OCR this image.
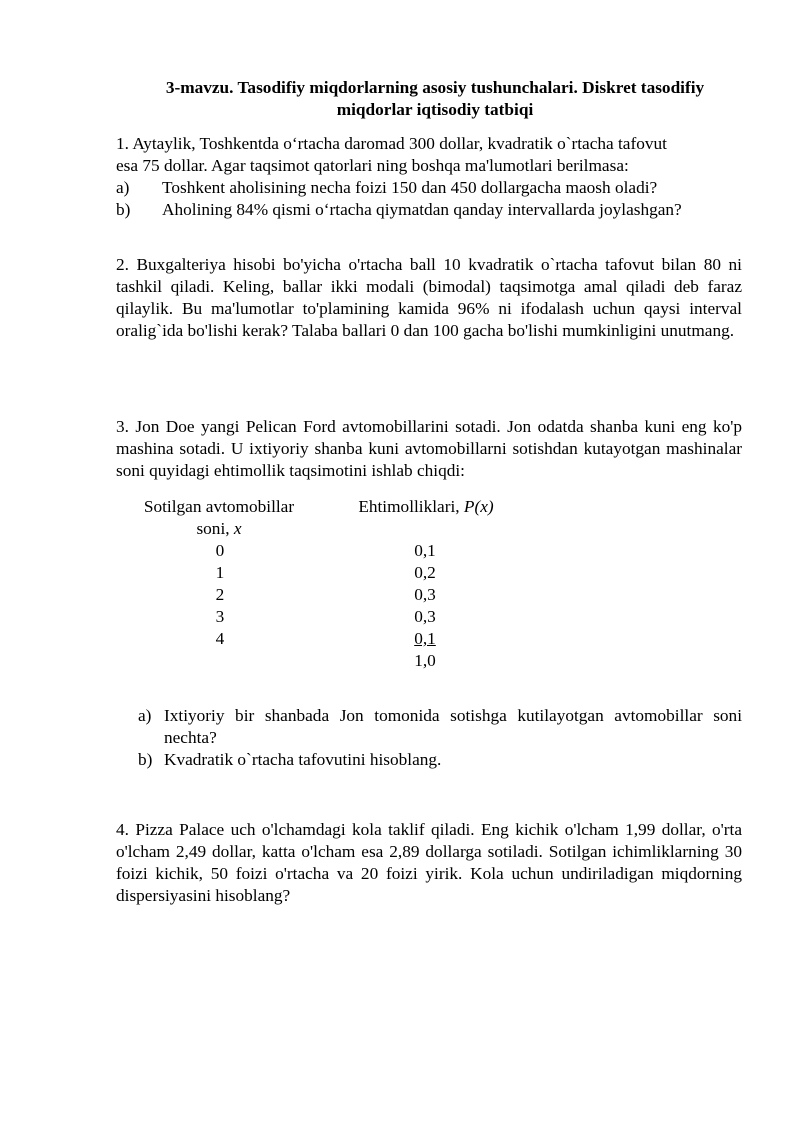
3-mavzu. Tasodifiy miqdorlarning asosiy tushunchalari. Diskret tasodifiy
miqdorlar iqtisodiy tatbiqi
1. Aytaylik, Toshkentda o‘rtacha daromad 300 dollar, kvadratik o`rtacha tafovut
esa 75 dollar. Agar taqsimot qatorlari ning boshqa ma'lumotlari berilmasa:
a)	Toshkent aholisining necha foizi 150 dan 450 dollargacha maosh oladi?
b)	Aholining 84% qismi o‘rtacha qiymatdan qanday intervallarda joylashgan?
2. Buxgalteriya hisobi bo'yicha o'rtacha ball 10 kvadratik o`rtacha tafovut bilan 80 ni tashkil qiladi. Keling, ballar ikki modali (bimodal) taqsimotga amal qiladi deb faraz qilaylik. Bu ma'lumotlar to'plamining kamida 96% ni ifodalash uchun qaysi interval oralig`ida bo'lishi kerak? Talaba ballari 0 dan 100 gacha bo'lishi mumkinligini unutmang.
3. Jon Doe yangi Pelican Ford avtomobillarini sotadi. Jon odatda shanba kuni eng ko'p mashina sotadi. U ixtiyoriy shanba kuni avtomobillarni sotishdan kutayotgan mashinalar soni quyidagi ehtimollik taqsimotini ishlab chiqdi:
Sotilgan avtomobillar
soni, x
Ehtimolliklari, P(x)
0
1
2
3
4
0,1
0,2
0,3
0,3
0,1
1,0
a) Ixtiyoriy bir shanbada Jon tomonida sotishga kutilayotgan avtomobillar soni nechta?
b) Kvadratik o`rtacha tafovutini hisoblang.
4. Pizza Palace uch o'lchamdagi kola taklif qiladi. Eng kichik o'lcham 1,99 dollar, o'rta o'lcham 2,49 dollar, katta o'lcham esa 2,89 dollarga sotiladi. Sotilgan ichimliklarning 30 foizi kichik, 50 foizi o'rtacha va 20 foizi yirik. Kola uchun undiriladigan miqdorning dispersiyasini hisoblang?
